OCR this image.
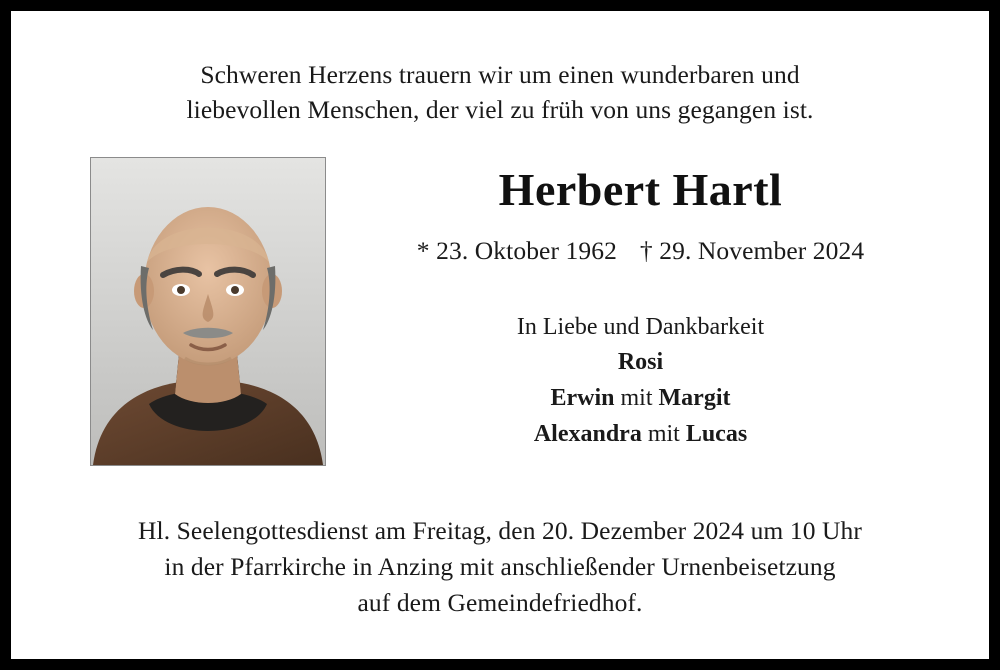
Schweren Herzens trauern wir um einen wunderbaren und
liebevollen Menschen, der viel zu früh von uns gegangen ist.
Herbert Hartl
* 23. Oktober 1962 † 29. November 2024
In Liebe und Dankbarkeit
Rosi
Erwin mit Margit
Alexandra mit Lucas
Hl. Seelengottesdienst am Freitag, den 20. Dezember 2024 um 10 Uhr
in der Pfarrkirche in Anzing mit anschließender Urnenbeisetzung
auf dem Gemeindefriedhof.
